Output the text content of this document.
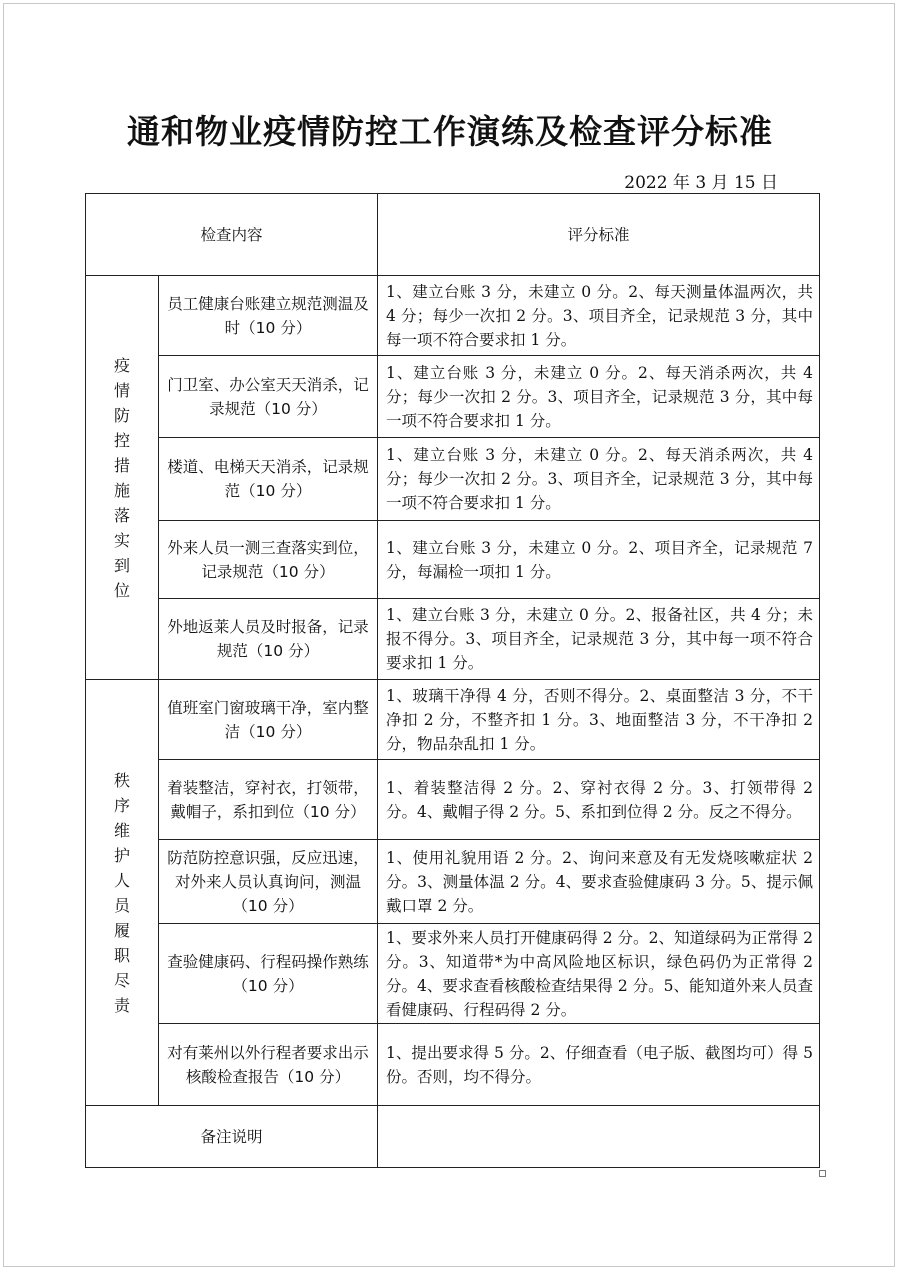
通和物业疫情防控工作演练及检查评分标准
2022 年 3 月 15 日
检查内容		评分标准
疫情防控措施落实到位	员工健康台账建立规范测温及时（10 分）	1、建立台账 3 分，未建立 0 分。2、每天测量体温两次，共 4 分；每少一次扣 2 分。3、项目齐全，记录规范 3 分，其中每一项不符合要求扣 1 分。
	门卫室、办公室天天消杀，记录规范（10 分）	1、建立台账 3 分，未建立 0 分。2、每天消杀两次，共 4 分；每少一次扣 2 分。3、项目齐全，记录规范 3 分，其中每一项不符合要求扣 1 分。
	楼道、电梯天天消杀，记录规范（10 分）	1、建立台账 3 分，未建立 0 分。2、每天消杀两次，共 4 分；每少一次扣 2 分。3、项目齐全，记录规范 3 分，其中每一项不符合要求扣 1 分。
	外来人员一测三查落实到位，记录规范（10 分）	1、建立台账 3 分，未建立 0 分。2、项目齐全，记录规范 7 分，每漏检一项扣 1 分。
	外地返莱人员及时报备，记录规范（10 分）	1、建立台账 3 分，未建立 0 分。2、报备社区，共 4 分；未报不得分。3、项目齐全，记录规范 3 分，其中每一项不符合要求扣 1 分。
秩序维护人员履职尽责	值班室门窗玻璃干净，室内整洁（10 分）	1、玻璃干净得 4 分，否则不得分。2、桌面整洁 3 分，不干净扣 2 分，不整齐扣 1 分。3、地面整洁 3 分，不干净扣 2 分，物品杂乱扣 1 分。
	着装整洁，穿衬衣，打领带，戴帽子，系扣到位（10 分）	1、着装整洁得 2 分。2、穿衬衣得 2 分。3、打领带得 2 分。4、戴帽子得 2 分。5、系扣到位得 2 分。反之不得分。
	防范防控意识强，反应迅速，对外来人员认真询问，测温（10 分）	1、使用礼貌用语 2 分。2、询问来意及有无发烧咳嗽症状 2 分。3、测量体温 2 分。4、要求查验健康码 3 分。5、提示佩戴口罩 2 分。
	查验健康码、行程码操作熟练（10 分）	1、要求外来人员打开健康码得 2 分。2、知道绿码为正常得 2 分。3、知道带*为中高风险地区标识，绿色码仍为正常得 2 分。4、要求查看核酸检查结果得 2 分。5、能知道外来人员查看健康码、行程码得 2 分。
	对有莱州以外行程者要求出示核酸检查报告（10 分）	1、提出要求得 5 分。2、仔细查看（电子版、截图均可）得 5 份。否则，均不得分。
备注说明		
